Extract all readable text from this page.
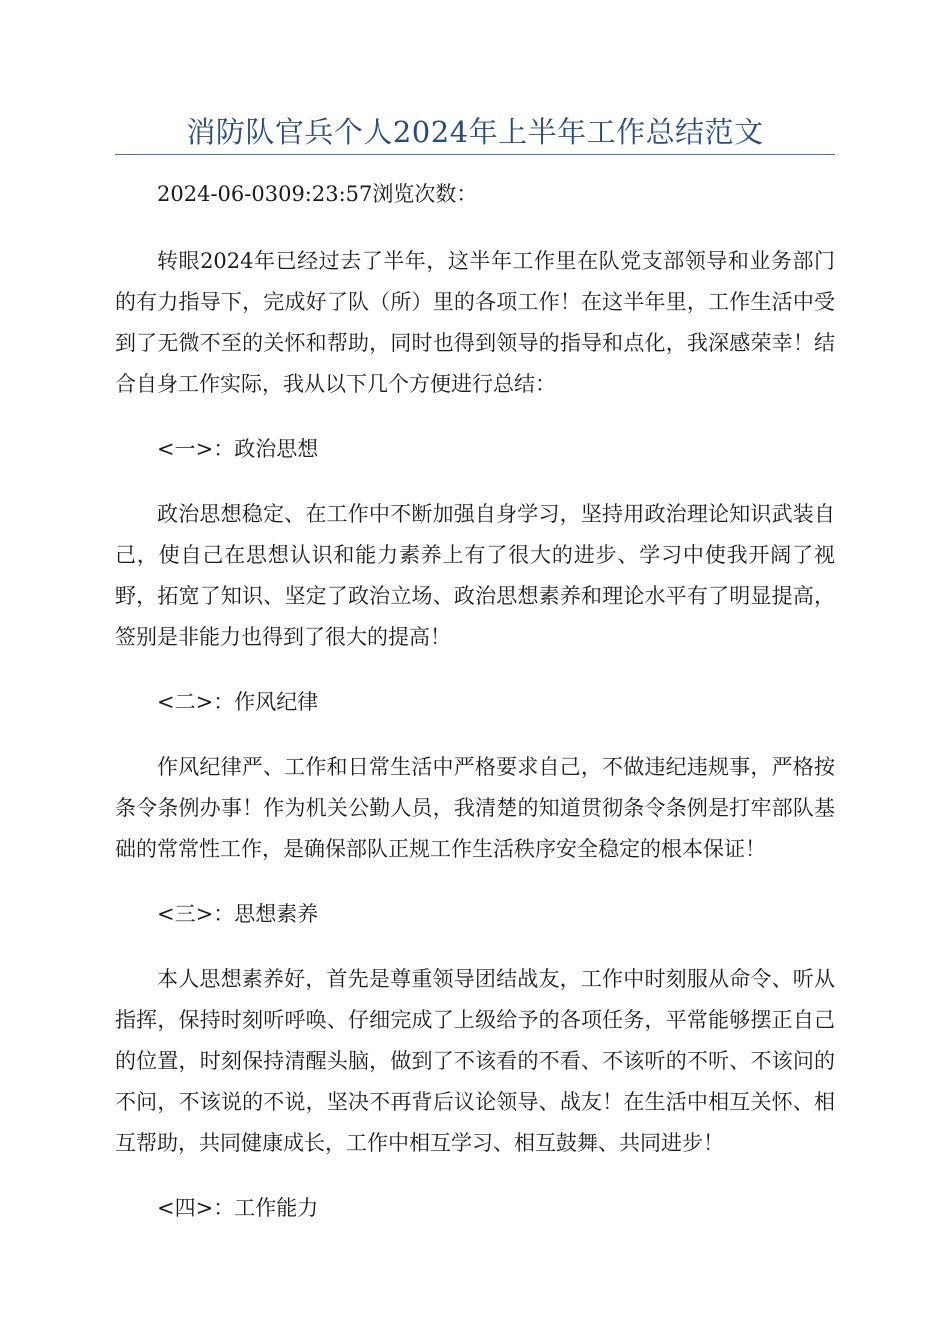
消防队官兵个人2024年上半年工作总结范文

2024-06-0309:23:57浏览次数：

转眼2024年已经过去了半年，这半年工作里在队党支部领导和业务部门的有力指导下，完成好了队（所）里的各项工作！在这半年里，工作生活中受到了无微不至的关怀和帮助，同时也得到领导的指导和点化，我深感荣幸！结合自身工作实际，我从以下几个方便进行总结：

<一>：政治思想

政治思想稳定、在工作中不断加强自身学习，坚持用政治理论知识武装自己，使自己在思想认识和能力素养上有了很大的进步、学习中使我开阔了视野，拓宽了知识、坚定了政治立场、政治思想素养和理论水平有了明显提高，签别是非能力也得到了很大的提高！

<二>：作风纪律

作风纪律严、工作和日常生活中严格要求自己，不做违纪违规事，严格按条令条例办事！作为机关公勤人员，我清楚的知道贯彻条令条例是打牢部队基础的常常性工作，是确保部队正规工作生活秩序安全稳定的根本保证！

<三>：思想素养

本人思想素养好，首先是尊重领导团结战友，工作中时刻服从命令、听从指挥，保持时刻听呼唤、仔细完成了上级给予的各项任务，平常能够摆正自己的位置，时刻保持清醒头脑，做到了不该看的不看、不该听的不听、不该问的不问，不该说的不说，坚决不再背后议论领导、战友！在生活中相互关怀、相互帮助，共同健康成长，工作中相互学习、相互鼓舞、共同进步！

<四>：工作能力
